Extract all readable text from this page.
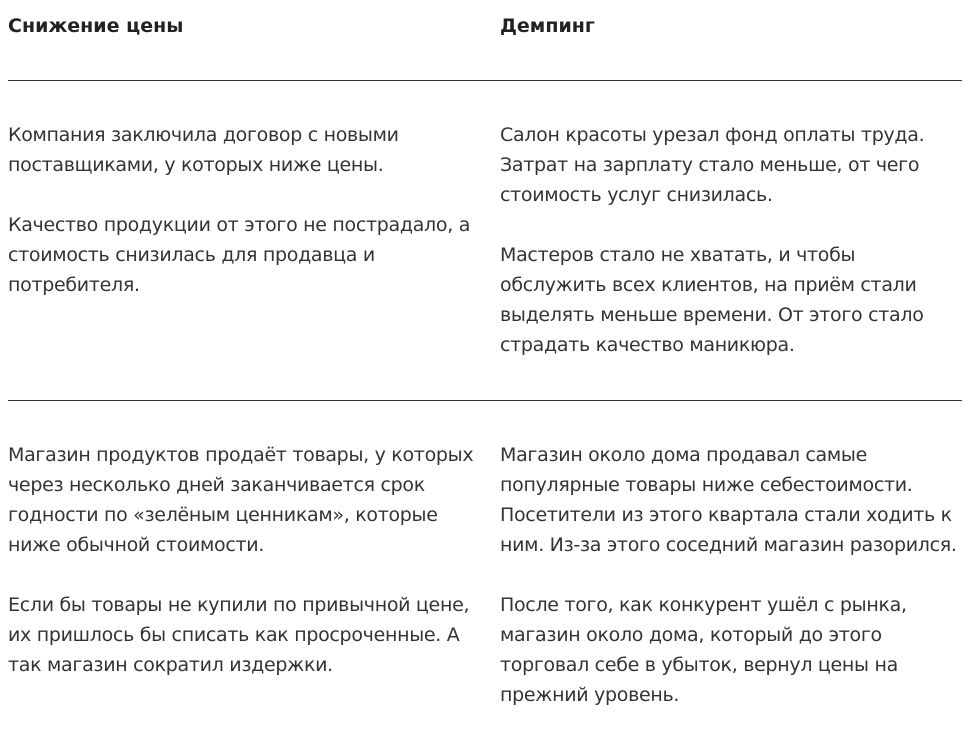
Снижение цены	Демпинг

Компания заключила договор с новыми поставщиками, у которых ниже цены.

Качество продукции от этого не пострадало, а стоимость снизилась для продавца и потребителя.

Салон красоты урезал фонд оплаты труда. Затрат на зарплату стало меньше, от чего стоимость услуг снизилась.

Мастеров стало не хватать, и чтобы обслужить всех клиентов, на приём стали выделять меньше времени. От этого стало страдать качество маникюра.

Магазин продуктов продаёт товары, у которых через несколько дней заканчивается срок годности по «зелёным ценникам», которые ниже обычной стоимости.

Если бы товары не купили по привычной цене, их пришлось бы списать как просроченные. А так магазин сократил издержки.

Магазин около дома продавал самые популярные товары ниже себестоимости. Посетители из этого квартала стали ходить к ним. Из-за этого соседний магазин разорился.

После того, как конкурент ушёл с рынка, магазин около дома, который до этого торговал себе в убыток, вернул цены на прежний уровень.
